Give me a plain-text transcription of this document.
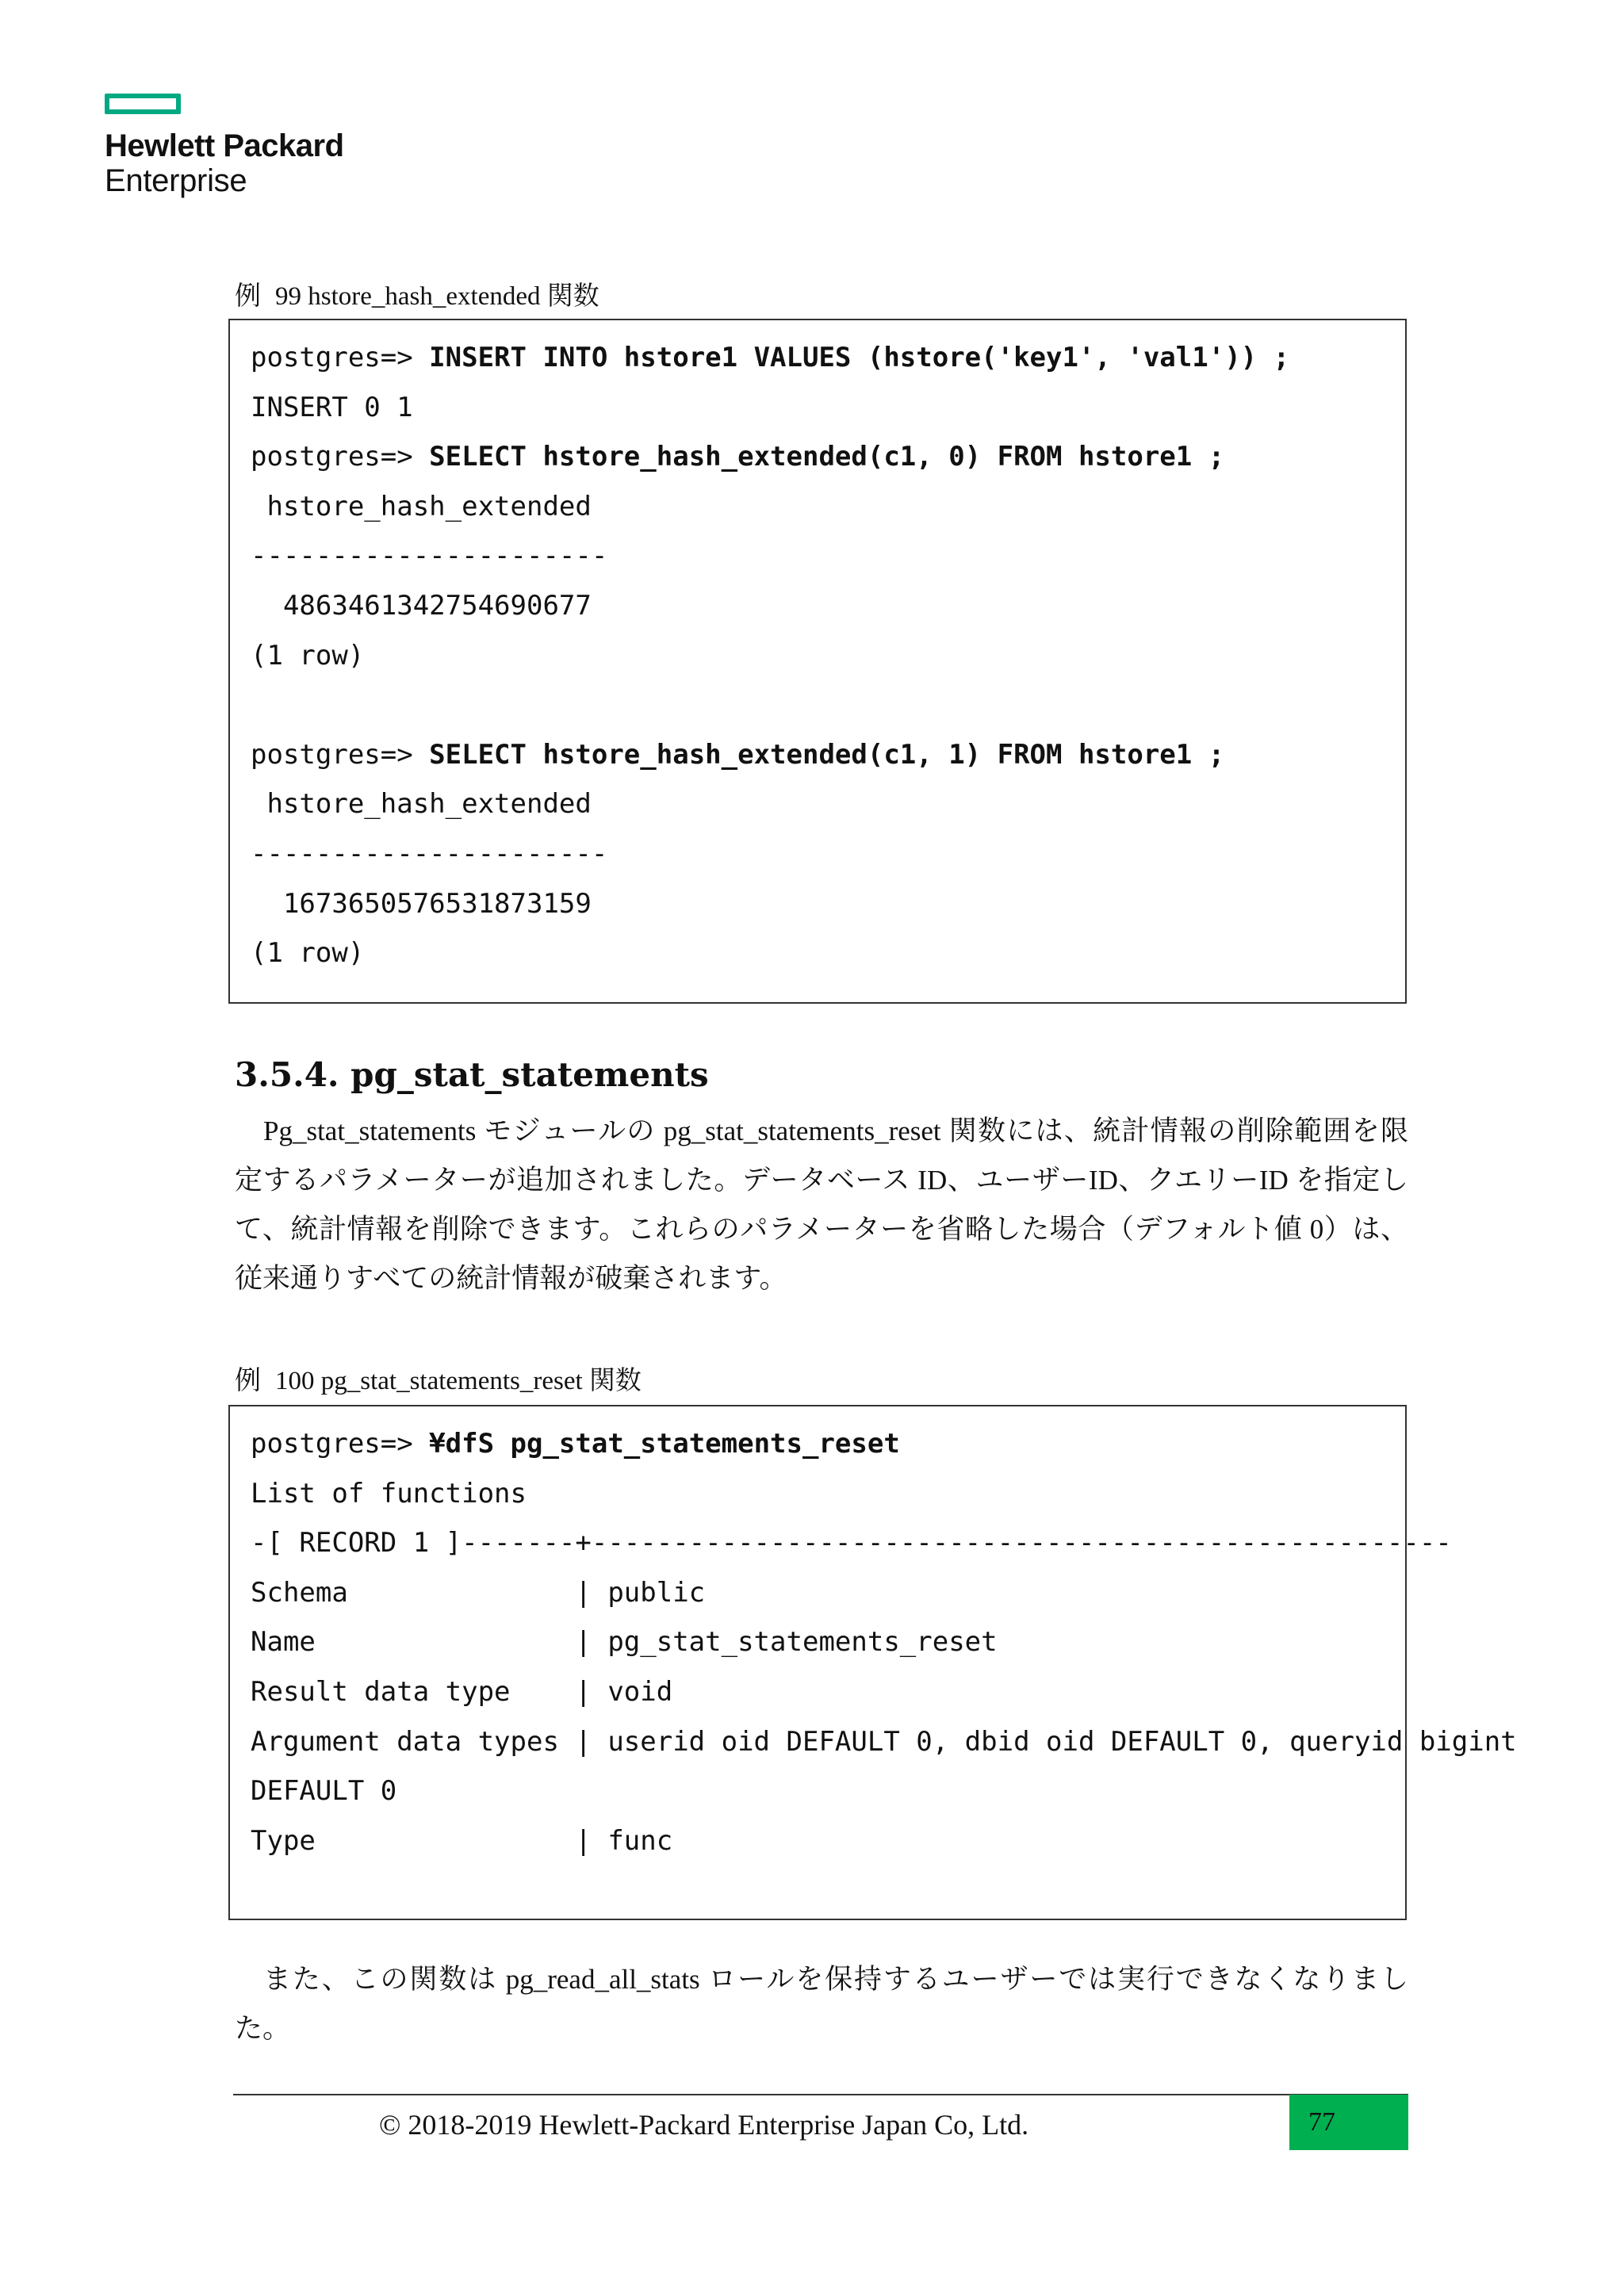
Hewlett Packard
Enterprise
例 99 hstore_hash_extended 関数
postgres=> INSERT INTO hstore1 VALUES (hstore('key1', 'val1')) ;
INSERT 0 1
postgres=> SELECT hstore_hash_extended(c1, 0) FROM hstore1 ;
hstore_hash_extended
----------------------
4863461342754690677
(1 row)
postgres=> SELECT hstore_hash_extended(c1, 1) FROM hstore1 ;
hstore_hash_extended
----------------------
1673650576531873159
(1 row)
3.5.4. pg_stat_statements

Pg_stat_statements モジュールの pg_stat_statements_reset 関数には、統計情報の削除範囲を限定するパラメーターが追加されました。データベース ID、ユーザーID、クエリーID を指定して、統計情報を削除できます。これらのパラメーターを省略した場合（デフォルト値 0）は、従来通りすべての統計情報が破棄されます。

例 100 pg_stat_statements_reset 関数
postgres=> ¥dfS pg_stat_statements_reset
List of functions
-[ RECORD 1 ]-------+-----------------------------------------------------
Schema              | public
Name                | pg_stat_statements_reset
Result data type    | void
Argument data types | userid oid DEFAULT 0, dbid oid DEFAULT 0, queryid bigint
DEFAULT 0
Type                | func

また、この関数は pg_read_all_stats ロールを保持するユーザーでは実行できなくなりました。

© 2018-2019 Hewlett-Packard Enterprise Japan Co, Ltd.	77
